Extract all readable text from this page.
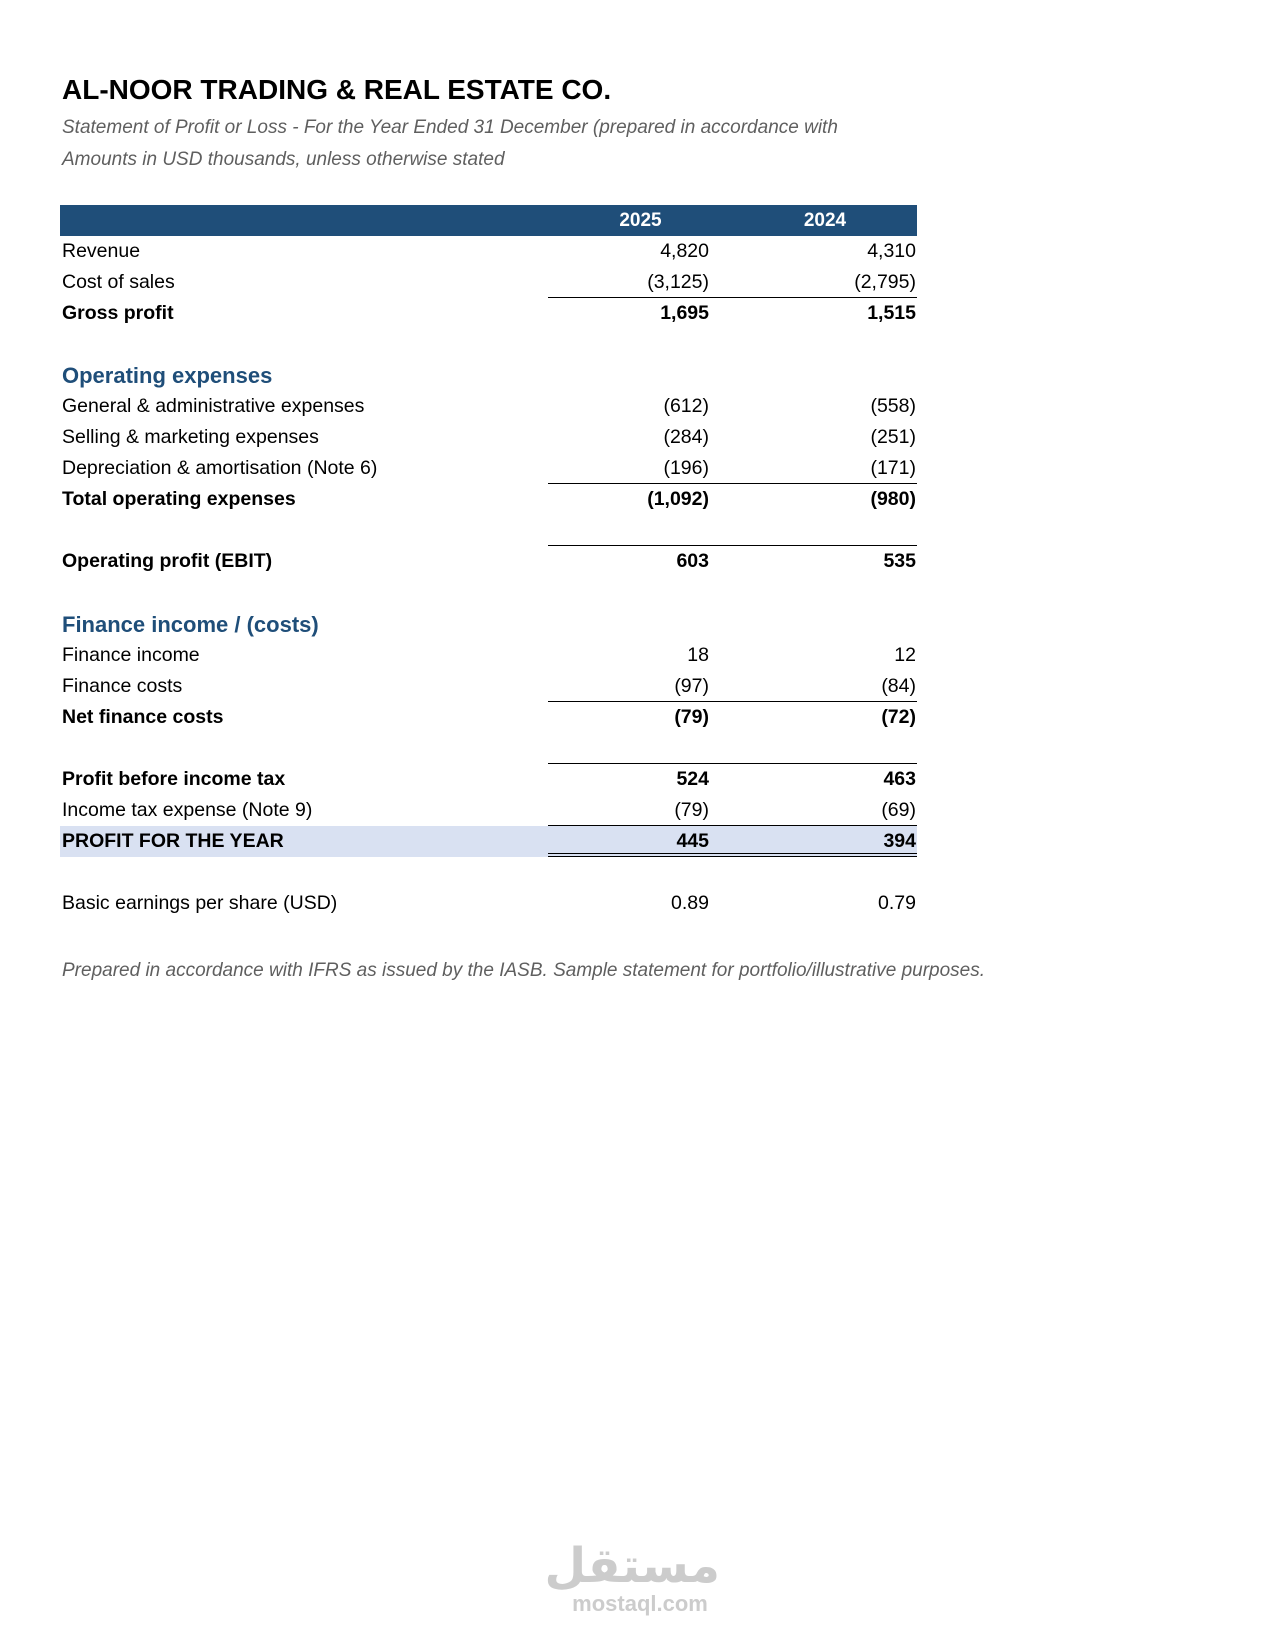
AL-NOOR TRADING & REAL ESTATE CO.
Statement of Profit or Loss - For the Year Ended 31 December (prepared in accordance with
Amounts in USD thousands, unless otherwise stated
2025	2024
Revenue	4,820	4,310
Cost of sales	(3,125)	(2,795)
Gross profit	1,695	1,515
Operating expenses
General & administrative expenses	(612)	(558)
Selling & marketing expenses	(284)	(251)
Depreciation & amortisation (Note 6)	(196)	(171)
Total operating expenses	(1,092)	(980)
Operating profit (EBIT)	603	535
Finance income / (costs)
Finance income	18	12
Finance costs	(97)	(84)
Net finance costs	(79)	(72)
Profit before income tax	524	463
Income tax expense (Note 9)	(79)	(69)
PROFIT FOR THE YEAR	445	394
Basic earnings per share (USD)	0.89	0.79
Prepared in accordance with IFRS as issued by the IASB. Sample statement for portfolio/illustrative purposes.
مستقل
mostaql.com
